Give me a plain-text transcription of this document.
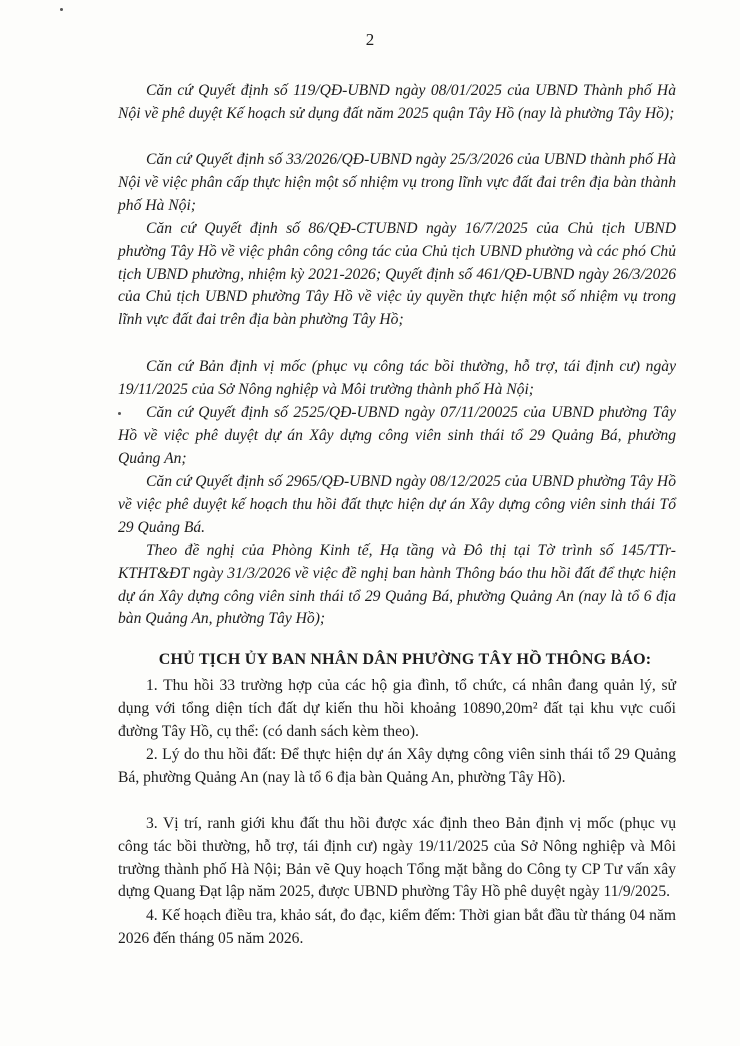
2

Căn cứ Quyết định số 119/QĐ-UBND ngày 08/01/2025 của UBND Thành phố Hà Nội về phê duyệt Kế hoạch sử dụng đất năm 2025 quận Tây Hồ (nay là phường Tây Hồ);

Căn cứ Quyết định số 33/2026/QĐ-UBND ngày 25/3/2026 của UBND thành phố Hà Nội về việc phân cấp thực hiện một số nhiệm vụ trong lĩnh vực đất đai trên địa bàn thành phố Hà Nội;

Căn cứ Quyết định số 86/QĐ-CTUBND ngày 16/7/2025 của Chủ tịch UBND phường Tây Hồ về việc phân công công tác của Chủ tịch UBND phường và các phó Chủ tịch UBND phường, nhiệm kỳ 2021-2026; Quyết định số 461/QĐ-UBND ngày 26/3/2026 của Chủ tịch UBND phường Tây Hồ về việc ủy quyền thực hiện một số nhiệm vụ trong lĩnh vực đất đai trên địa bàn phường Tây Hồ;

Căn cứ Bản định vị mốc (phục vụ công tác bồi thường, hỗ trợ, tái định cư) ngày 19/11/2025 của Sở Nông nghiệp và Môi trường thành phố Hà Nội;

Căn cứ Quyết định số 2525/QĐ-UBND ngày 07/11/20025 của UBND phường Tây Hồ về việc phê duyệt dự án Xây dựng công viên sinh thái tổ 29 Quảng Bá, phường Quảng An;

Căn cứ Quyết định số 2965/QĐ-UBND ngày 08/12/2025 của UBND phường Tây Hồ về việc phê duyệt kế hoạch thu hồi đất thực hiện dự án Xây dựng công viên sinh thái Tổ 29 Quảng Bá.

Theo đề nghị của Phòng Kinh tế, Hạ tầng và Đô thị tại Tờ trình số 145/TTr-KTHT&ĐT ngày 31/3/2026 về việc đề nghị ban hành Thông báo thu hồi đất để thực hiện dự án Xây dựng công viên sinh thái tổ 29 Quảng Bá, phường Quảng An (nay là tổ 6 địa bàn Quảng An, phường Tây Hồ);

CHỦ TỊCH ỦY BAN NHÂN DÂN PHƯỜNG TÂY HỒ THÔNG BÁO:

1. Thu hồi 33 trường hợp của các hộ gia đình, tổ chức, cá nhân đang quản lý, sử dụng với tổng diện tích đất dự kiến thu hồi khoảng 10890,20m² đất tại khu vực cuối đường Tây Hồ, cụ thể: (có danh sách kèm theo).

2. Lý do thu hồi đất: Để thực hiện dự án Xây dựng công viên sinh thái tổ 29 Quảng Bá, phường Quảng An (nay là tổ 6 địa bàn Quảng An, phường Tây Hồ).

3. Vị trí, ranh giới khu đất thu hồi được xác định theo Bản định vị mốc (phục vụ công tác bồi thường, hỗ trợ, tái định cư) ngày 19/11/2025 của Sở Nông nghiệp và Môi trường thành phố Hà Nội; Bản vẽ Quy hoạch Tổng mặt bằng do Công ty CP Tư vấn xây dựng Quang Đạt lập năm 2025, được UBND phường Tây Hồ phê duyệt ngày 11/9/2025.

4. Kế hoạch điều tra, khảo sát, đo đạc, kiểm đếm: Thời gian bắt đầu từ tháng 04 năm 2026 đến tháng 05 năm 2026.
